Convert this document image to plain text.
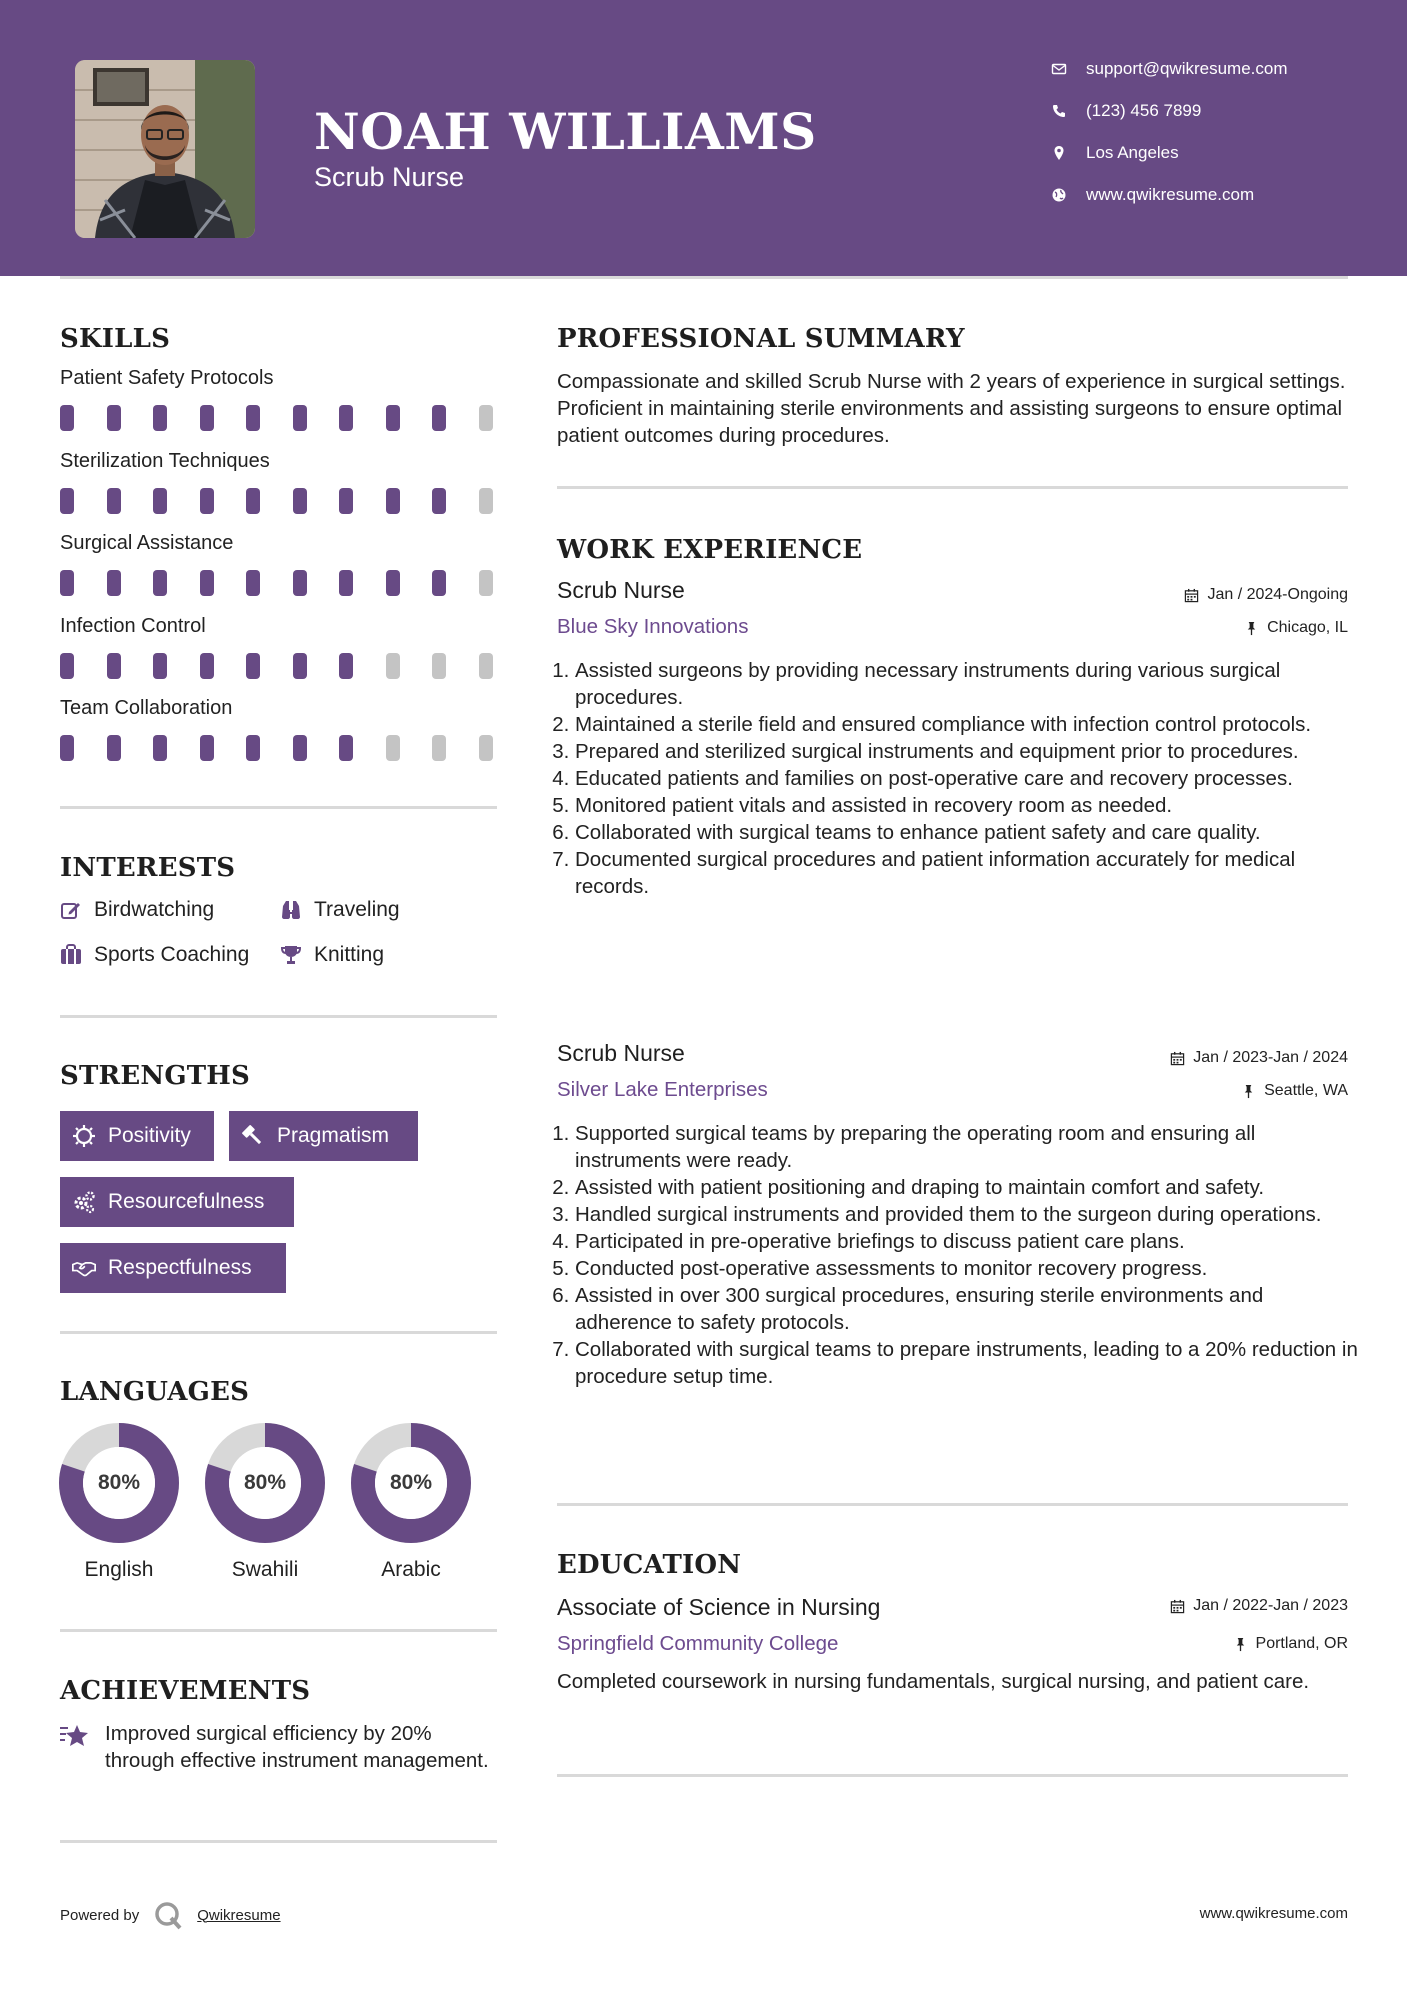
NOAH WILLIAMS
Scrub Nurse
support@qwikresume.com
(123) 456 7899
Los Angeles
www.qwikresume.com
SKILLS
Patient Safety Protocols
Sterilization Techniques
Surgical Assistance
Infection Control
Team Collaboration
INTERESTS
Birdwatching	Traveling
Sports Coaching	Knitting
STRENGTHS
Positivity	Pragmatism
Resourcefulness
Respectfulness
LANGUAGES
80%
English
80%
Swahili
80%
Arabic
ACHIEVEMENTS
Improved surgical efficiency by 20% through effective instrument management.
PROFESSIONAL SUMMARY
Compassionate and skilled Scrub Nurse with 2 years of experience in surgical settings. Proficient in maintaining sterile environments and assisting surgeons to ensure optimal patient outcomes during procedures.
WORK EXPERIENCE
Scrub Nurse	Jan / 2024-Ongoing
Blue Sky Innovations	Chicago, IL
1. Assisted surgeons by providing necessary instruments during various surgical procedures.
2. Maintained a sterile field and ensured compliance with infection control protocols.
3. Prepared and sterilized surgical instruments and equipment prior to procedures.
4. Educated patients and families on post-operative care and recovery processes.
5. Monitored patient vitals and assisted in recovery room as needed.
6. Collaborated with surgical teams to enhance patient safety and care quality.
7. Documented surgical procedures and patient information accurately for medical records.
Scrub Nurse	Jan / 2023-Jan / 2024
Silver Lake Enterprises	Seattle, WA
1. Supported surgical teams by preparing the operating room and ensuring all instruments were ready.
2. Assisted with patient positioning and draping to maintain comfort and safety.
3. Handled surgical instruments and provided them to the surgeon during operations.
4. Participated in pre-operative briefings to discuss patient care plans.
5. Conducted post-operative assessments to monitor recovery progress.
6. Assisted in over 300 surgical procedures, ensuring sterile environments and adherence to safety protocols.
7. Collaborated with surgical teams to prepare instruments, leading to a 20% reduction in procedure setup time.
EDUCATION
Associate of Science in Nursing	Jan / 2022-Jan / 2023
Springfield Community College	Portland, OR
Completed coursework in nursing fundamentals, surgical nursing, and patient care.
Powered by	Qwikresume	www.qwikresume.com
